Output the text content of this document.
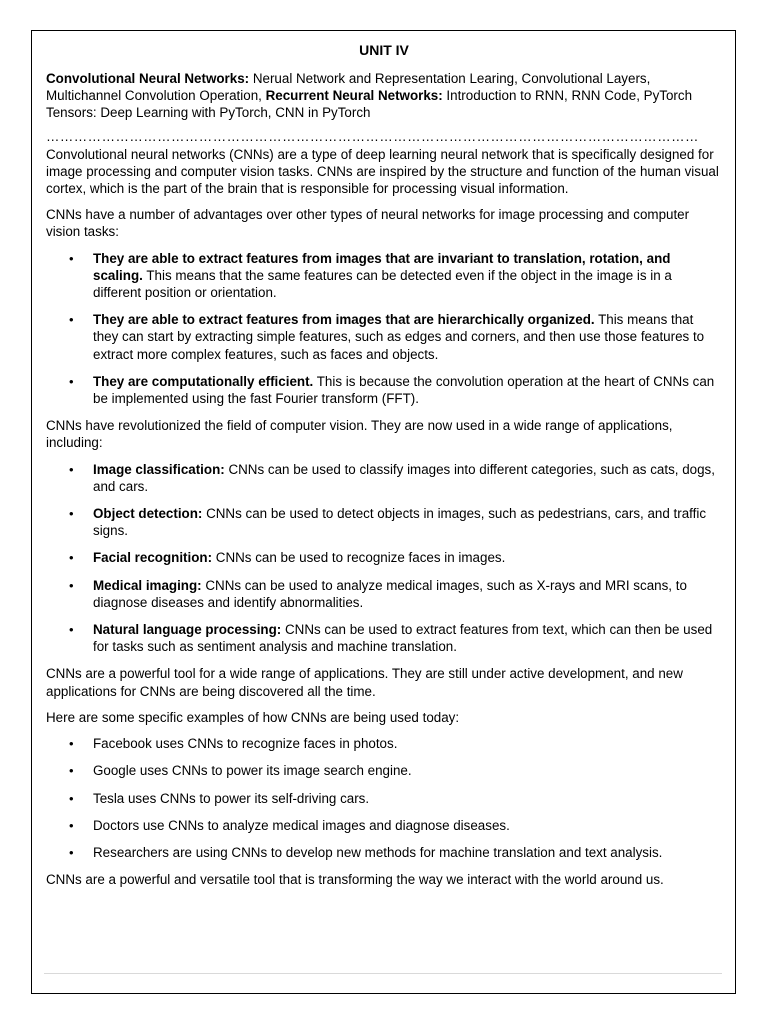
UNIT IV

Convolutional Neural Networks: Nerual Network and Representation Learing, Convolutional Layers, Multichannel Convolution Operation, Recurrent Neural Networks: Introduction to RNN, RNN Code, PyTorch Tensors: Deep Learning with PyTorch, CNN in PyTorch

……………………………………………………………………………………………………………………………

Convolutional neural networks (CNNs) are a type of deep learning neural network that is specifically designed for image processing and computer vision tasks. CNNs are inspired by the structure and function of the human visual cortex, which is the part of the brain that is responsible for processing visual information.

CNNs have a number of advantages over other types of neural networks for image processing and computer vision tasks:

• They are able to extract features from images that are invariant to translation, rotation, and scaling. This means that the same features can be detected even if the object in the image is in a different position or orientation.
• They are able to extract features from images that are hierarchically organized. This means that they can start by extracting simple features, such as edges and corners, and then use those features to extract more complex features, such as faces and objects.
• They are computationally efficient. This is because the convolution operation at the heart of CNNs can be implemented using the fast Fourier transform (FFT).

CNNs have revolutionized the field of computer vision. They are now used in a wide range of applications, including:

• Image classification: CNNs can be used to classify images into different categories, such as cats, dogs, and cars.
• Object detection: CNNs can be used to detect objects in images, such as pedestrians, cars, and traffic signs.
• Facial recognition: CNNs can be used to recognize faces in images.
• Medical imaging: CNNs can be used to analyze medical images, such as X-rays and MRI scans, to diagnose diseases and identify abnormalities.
• Natural language processing: CNNs can be used to extract features from text, which can then be used for tasks such as sentiment analysis and machine translation.

CNNs are a powerful tool for a wide range of applications. They are still under active development, and new applications for CNNs are being discovered all the time.

Here are some specific examples of how CNNs are being used today:

• Facebook uses CNNs to recognize faces in photos.
• Google uses CNNs to power its image search engine.
• Tesla uses CNNs to power its self-driving cars.
• Doctors use CNNs to analyze medical images and diagnose diseases.
• Researchers are using CNNs to develop new methods for machine translation and text analysis.

CNNs are a powerful and versatile tool that is transforming the way we interact with the world around us.
